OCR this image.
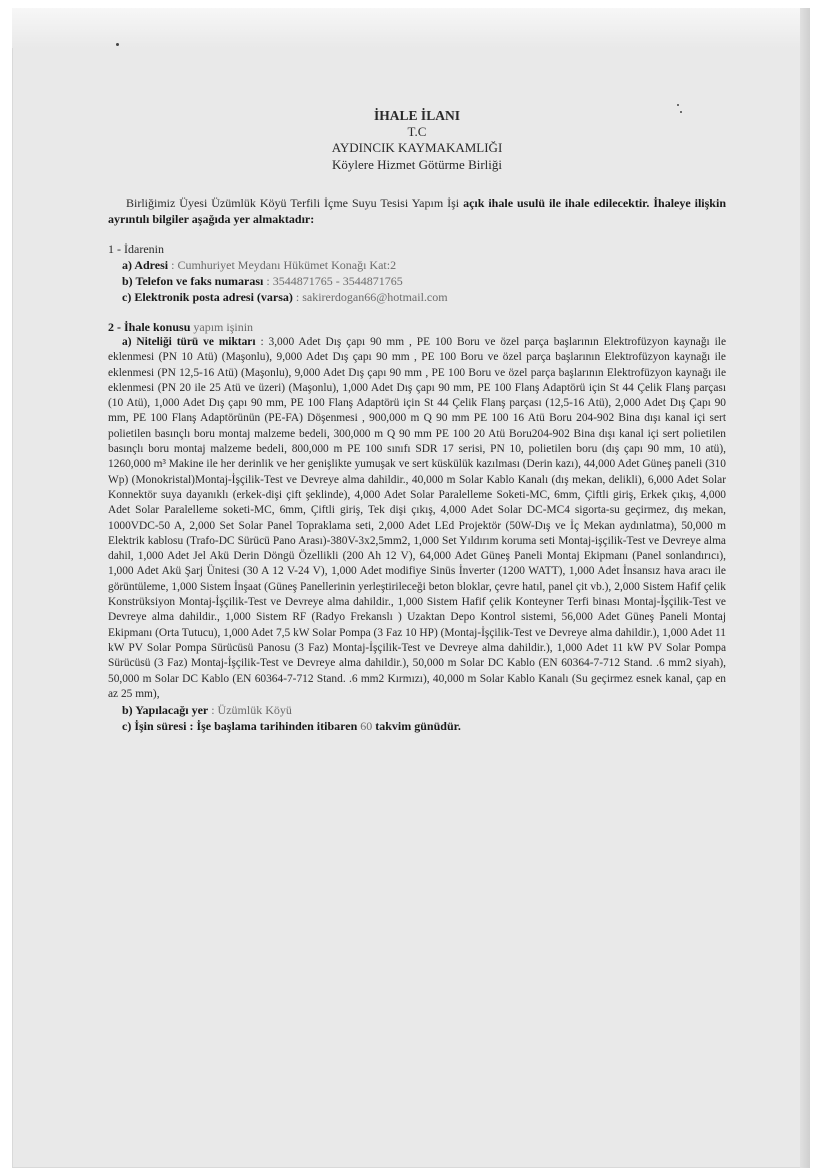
İHALE İLANI

T.C

AYDINCIK KAYMAKAMLIĞI

Köylere Hizmet Götürme Birliği

Birliğimiz Üyesi Üzümlük Köyü Terfili İçme Suyu Tesisi Yapım İşi açık ihale usulü ile ihale edilecektir. İhaleye ilişkin ayrıntılı bilgiler aşağıda yer almaktadır:

1 - İdarenin

a) Adresi : Cumhuriyet Meydanı Hükümet Konağı Kat:2

b) Telefon ve faks numarası : 3544871765 - 3544871765

c) Elektronik posta adresi (varsa) : sakirerdogan66@hotmail.com

2 - İhale konusu yapım işinin

a) Niteliği türü ve miktarı : 3,000 Adet Dış çapı 90 mm , PE 100 Boru ve özel parça başlarının Elektrofüzyon kaynağı ile eklenmesi (PN 10 Atü) (Maşonlu), 9,000 Adet Dış çapı 90 mm , PE 100 Boru ve özel parça başlarının Elektrofüzyon kaynağı ile eklenmesi (PN 12,5-16 Atü) (Maşonlu), 9,000 Adet Dış çapı 90 mm , PE 100 Boru ve özel parça başlarının Elektrofüzyon kaynağı ile eklenmesi (PN 20 ile 25 Atü ve üzeri) (Maşonlu), 1,000 Adet Dış çapı 90 mm, PE 100 Flanş Adaptörü için St 44 Çelik Flanş parçası (10 Atü), 1,000 Adet Dış çapı 90 mm, PE 100 Flanş Adaptörü için St 44 Çelik Flanş parçası (12,5-16 Atü), 2,000 Adet Dış Çapı 90 mm, PE 100 Flanş Adaptörünün (PE-FA) Döşenmesi , 900,000 m Q 90 mm PE 100 16 Atü Boru 204-902 Bina dışı kanal içi sert polietilen basınçlı boru montaj malzeme bedeli, 300,000 m Q 90 mm PE 100 20 Atü Boru204-902 Bina dışı kanal içi sert polietilen basınçlı boru montaj malzeme bedeli, 800,000 m PE 100 sınıfı SDR 17 serisi, PN 10, polietilen boru (dış çapı 90 mm, 10 atü), 1260,000 m³ Makine ile her derinlik ve her genişlikte yumuşak ve sert küskülük kazılması (Derin kazı), 44,000 Adet Güneş paneli (310 Wp) (Monokristal)Montaj-İşçilik-Test ve Devreye alma dahildir., 40,000 m Solar Kablo Kanalı (dış mekan, delikli), 6,000 Adet Solar Konnektör suya dayanıklı (erkek-dişi çift şeklinde), 4,000 Adet Solar Paralelleme Soketi-MC, 6mm, Çiftli giriş, Erkek çıkış, 4,000 Adet Solar Paralelleme soketi-MC, 6mm, Çiftli giriş, Tek dişi çıkış, 4,000 Adet Solar DC-MC4 sigorta-su geçirmez, dış mekan, 1000VDC-50 A, 2,000 Set Solar Panel Topraklama seti, 2,000 Adet LEd Projektör (50W-Dış ve İç Mekan aydınlatma), 50,000 m Elektrik kablosu (Trafo-DC Sürücü Pano Arası)-380V-3x2,5mm2, 1,000 Set Yıldırım koruma seti Montaj-işçilik-Test ve Devreye alma dahil, 1,000 Adet Jel Akü Derin Döngü Özellikli (200 Ah 12 V), 64,000 Adet Güneş Paneli Montaj Ekipmanı (Panel sonlandırıcı), 1,000 Adet Akü Şarj Ünitesi (30 A 12 V-24 V), 1,000 Adet modifiye Sinüs İnverter (1200 WATT), 1,000 Adet İnsansız hava aracı ile görüntüleme, 1,000 Sistem İnşaat (Güneş Panellerinin yerleştirileceği beton bloklar, çevre hatıl, panel çit vb.), 2,000 Sistem Hafif çelik Konstrüksiyon Montaj-İşçilik-Test ve Devreye alma dahildir., 1,000 Sistem Hafif çelik Konteyner Terfi binası Montaj-İşçilik-Test ve Devreye alma dahildir., 1,000 Sistem RF (Radyo Frekanslı ) Uzaktan Depo Kontrol sistemi, 56,000 Adet Güneş Paneli Montaj Ekipmanı (Orta Tutucu), 1,000 Adet 7,5 kW Solar Pompa (3 Faz 10 HP) (Montaj-İşçilik-Test ve Devreye alma dahildir.), 1,000 Adet 11 kW PV Solar Pompa Sürücüsü Panosu (3 Faz) Montaj-İşçilik-Test ve Devreye alma dahildir.), 1,000 Adet 11 kW PV Solar Pompa Sürücüsü (3 Faz) Montaj-İşçilik-Test ve Devreye alma dahildir.), 50,000 m Solar DC Kablo (EN 60364-7-712 Stand. .6 mm2 siyah), 50,000 m Solar DC Kablo (EN 60364-7-712 Stand. .6 mm2 Kırmızı), 40,000 m Solar Kablo Kanalı (Su geçirmez esnek kanal, çap en az 25 mm),

b) Yapılacağı yer : Üzümlük Köyü

c) İşin süresi : İşe başlama tarihinden itibaren 60 takvim günüdür.
